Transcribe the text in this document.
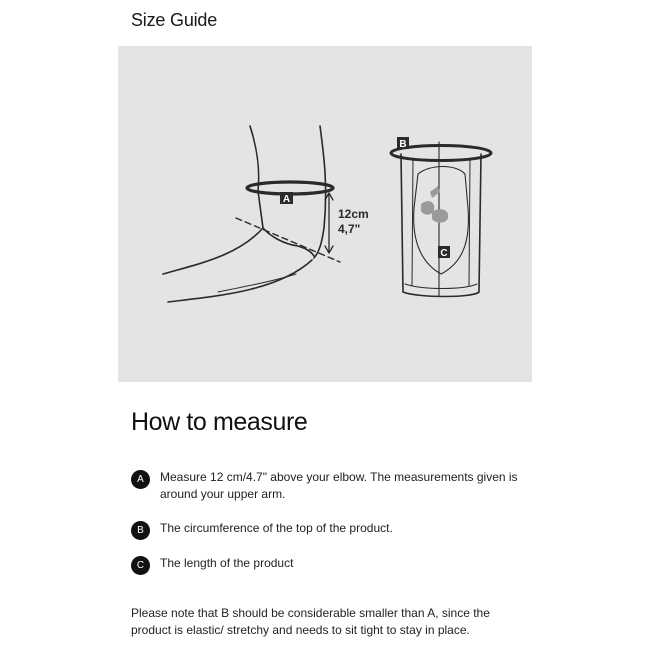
Size Guide
A
B
C
12cm
4,7"
How to measure
A	Measure 12 cm/4.7" above your elbow. The measurements given is around your upper arm.
B	The circumference of the top of the product.
C	The length of the product
Please note that B should be considerable smaller than A, since the product is elastic/ stretchy and needs to sit tight to stay in place.
